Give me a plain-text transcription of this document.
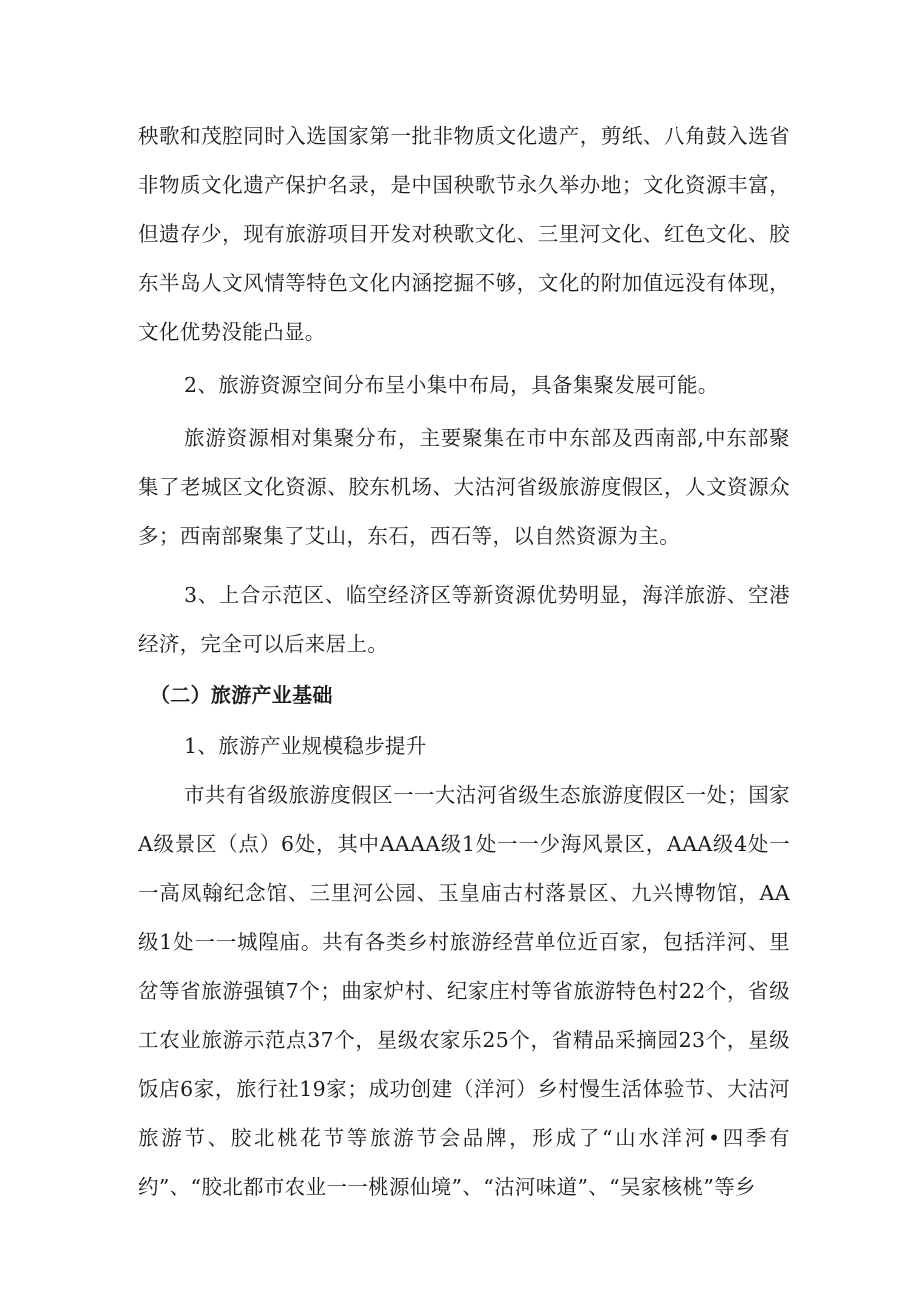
秧歌和茂腔同时入选国家第一批非物质文化遗产，剪纸、八角鼓入选省非物质文化遗产保护名录，是中国秧歌节永久举办地；文化资源丰富，但遗存少，现有旅游项目开发对秧歌文化、三里河文化、红色文化、胶东半岛人文风情等特色文化内涵挖掘不够，文化的附加值远没有体现，文化优势没能凸显。

2、旅游资源空间分布呈小集中布局，具备集聚发展可能。

旅游资源相对集聚分布，主要聚集在市中东部及西南部,中东部聚集了老城区文化资源、胶东机场、大沽河省级旅游度假区，人文资源众多；西南部聚集了艾山，东石，西石等，以自然资源为主。

3、上合示范区、临空经济区等新资源优势明显，海洋旅游、空港经济，完全可以后来居上。

（二）旅游产业基础

1、旅游产业规模稳步提升

市共有省级旅游度假区一一大沽河省级生态旅游度假区一处；国家A级景区（点）6处，其中AAAA级1处一一少海风景区，AAA级4处一一高凤翰纪念馆、三里河公园、玉皇庙古村落景区、九兴博物馆，AA级1处一一城隍庙。共有各类乡村旅游经营单位近百家，包括洋河、里岔等省旅游强镇7个；曲家炉村、纪家庄村等省旅游特色村22个，省级工农业旅游示范点37个，星级农家乐25个，省精品采摘园23个，星级饭店6家，旅行社19家；成功创建（洋河）乡村慢生活体验节、大沽河旅游节、胶北桃花节等旅游节会品牌，形成了“山水洋河•四季有约”、“胶北都市农业一一桃源仙境”、“沽河味道”、“吴家核桃”等乡
